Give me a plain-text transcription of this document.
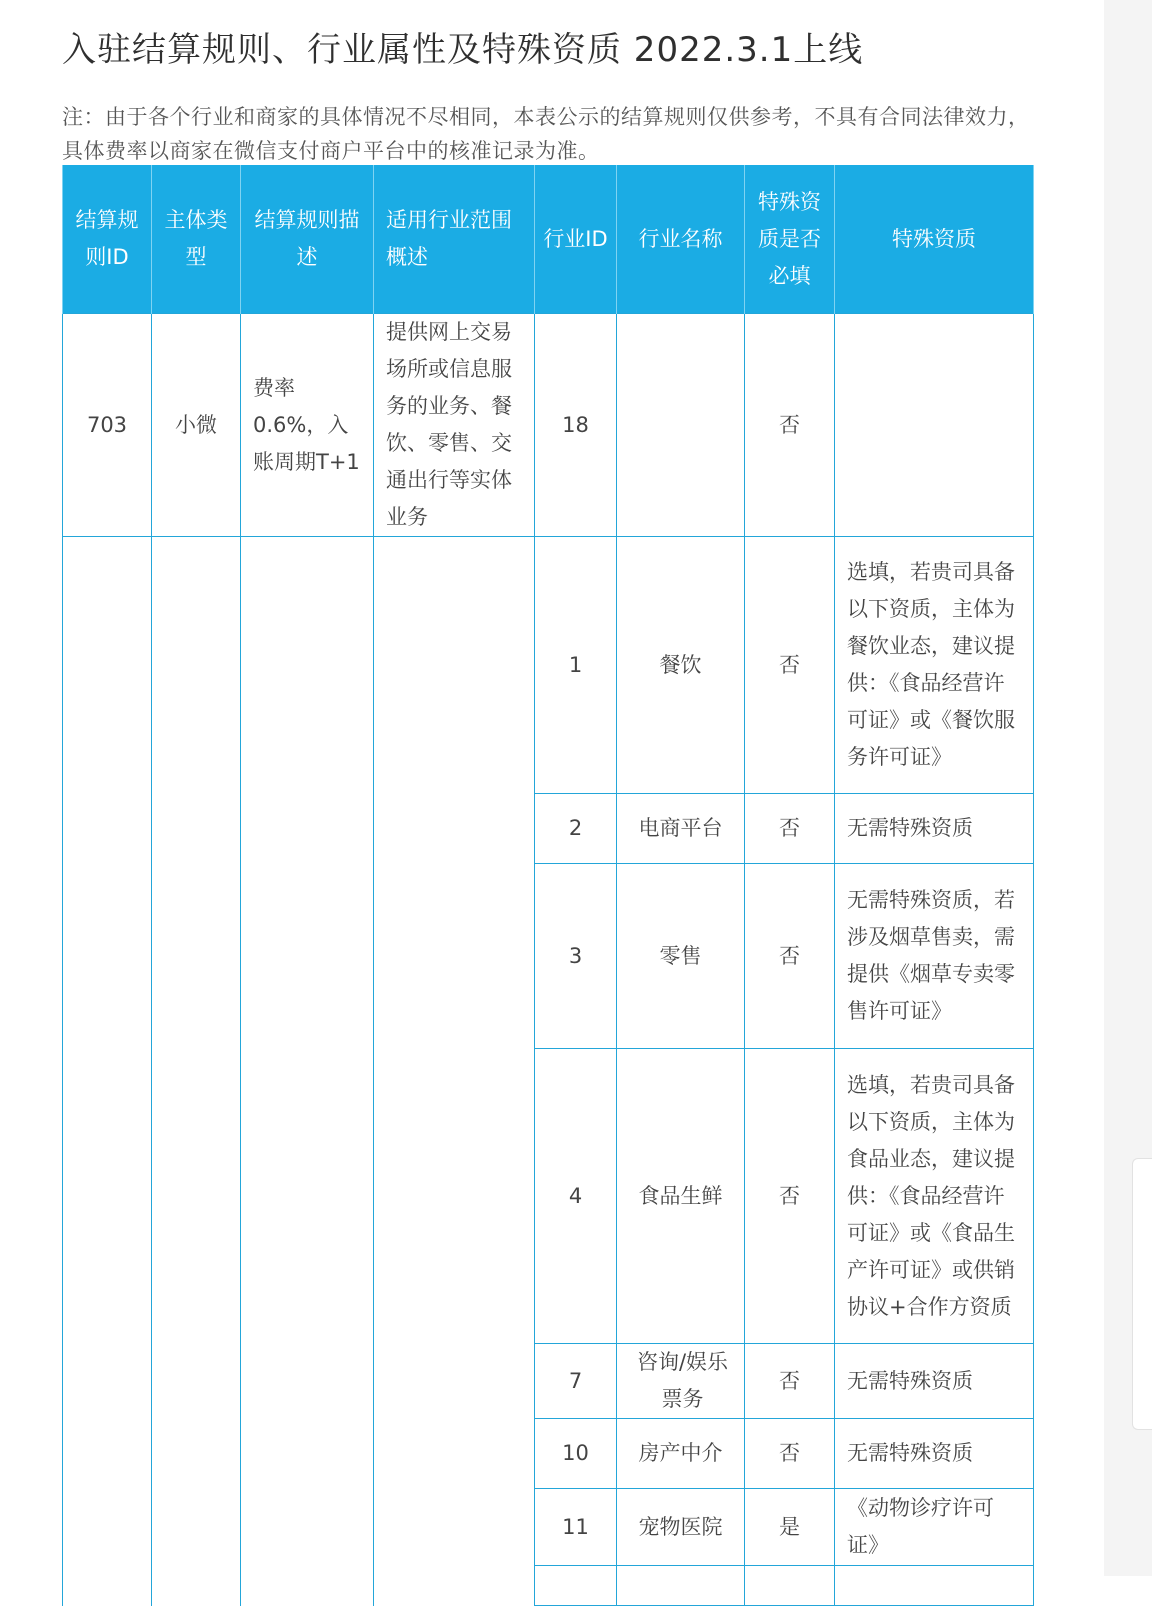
入驻结算规则、行业属性及特殊资质 2022.3.1上线

注：由于各个行业和商家的具体情况不尽相同，本表公示的结算规则仅供参考，不具有合同法律效力，具体费率以商家在微信支付商户平台中的核准记录为准。

结算规则ID	主体类型	结算规则描述	适用行业范围概述	行业ID	行业名称	特殊资质是否必填	特殊资质
703	小微	费率0.6%，入账周期T+1	提供网上交易场所或信息服务的业务、餐饮、零售、交通出行等实体业务	18		否	
				1	餐饮	否	选填，若贵司具备以下资质，主体为餐饮业态，建议提供：《食品经营许可证》或《餐饮服务许可证》
				2	电商平台	否	无需特殊资质
				3	零售	否	无需特殊资质，若涉及烟草售卖，需提供《烟草专卖零售许可证》
				4	食品生鲜	否	选填，若贵司具备以下资质，主体为食品业态，建议提供：《食品经营许可证》或《食品生产许可证》或供销协议+合作方资质
				7	咨询/娱乐票务	否	无需特殊资质
				10	房产中介	否	无需特殊资质
				11	宠物医院	是	《动物诊疗许可证》
